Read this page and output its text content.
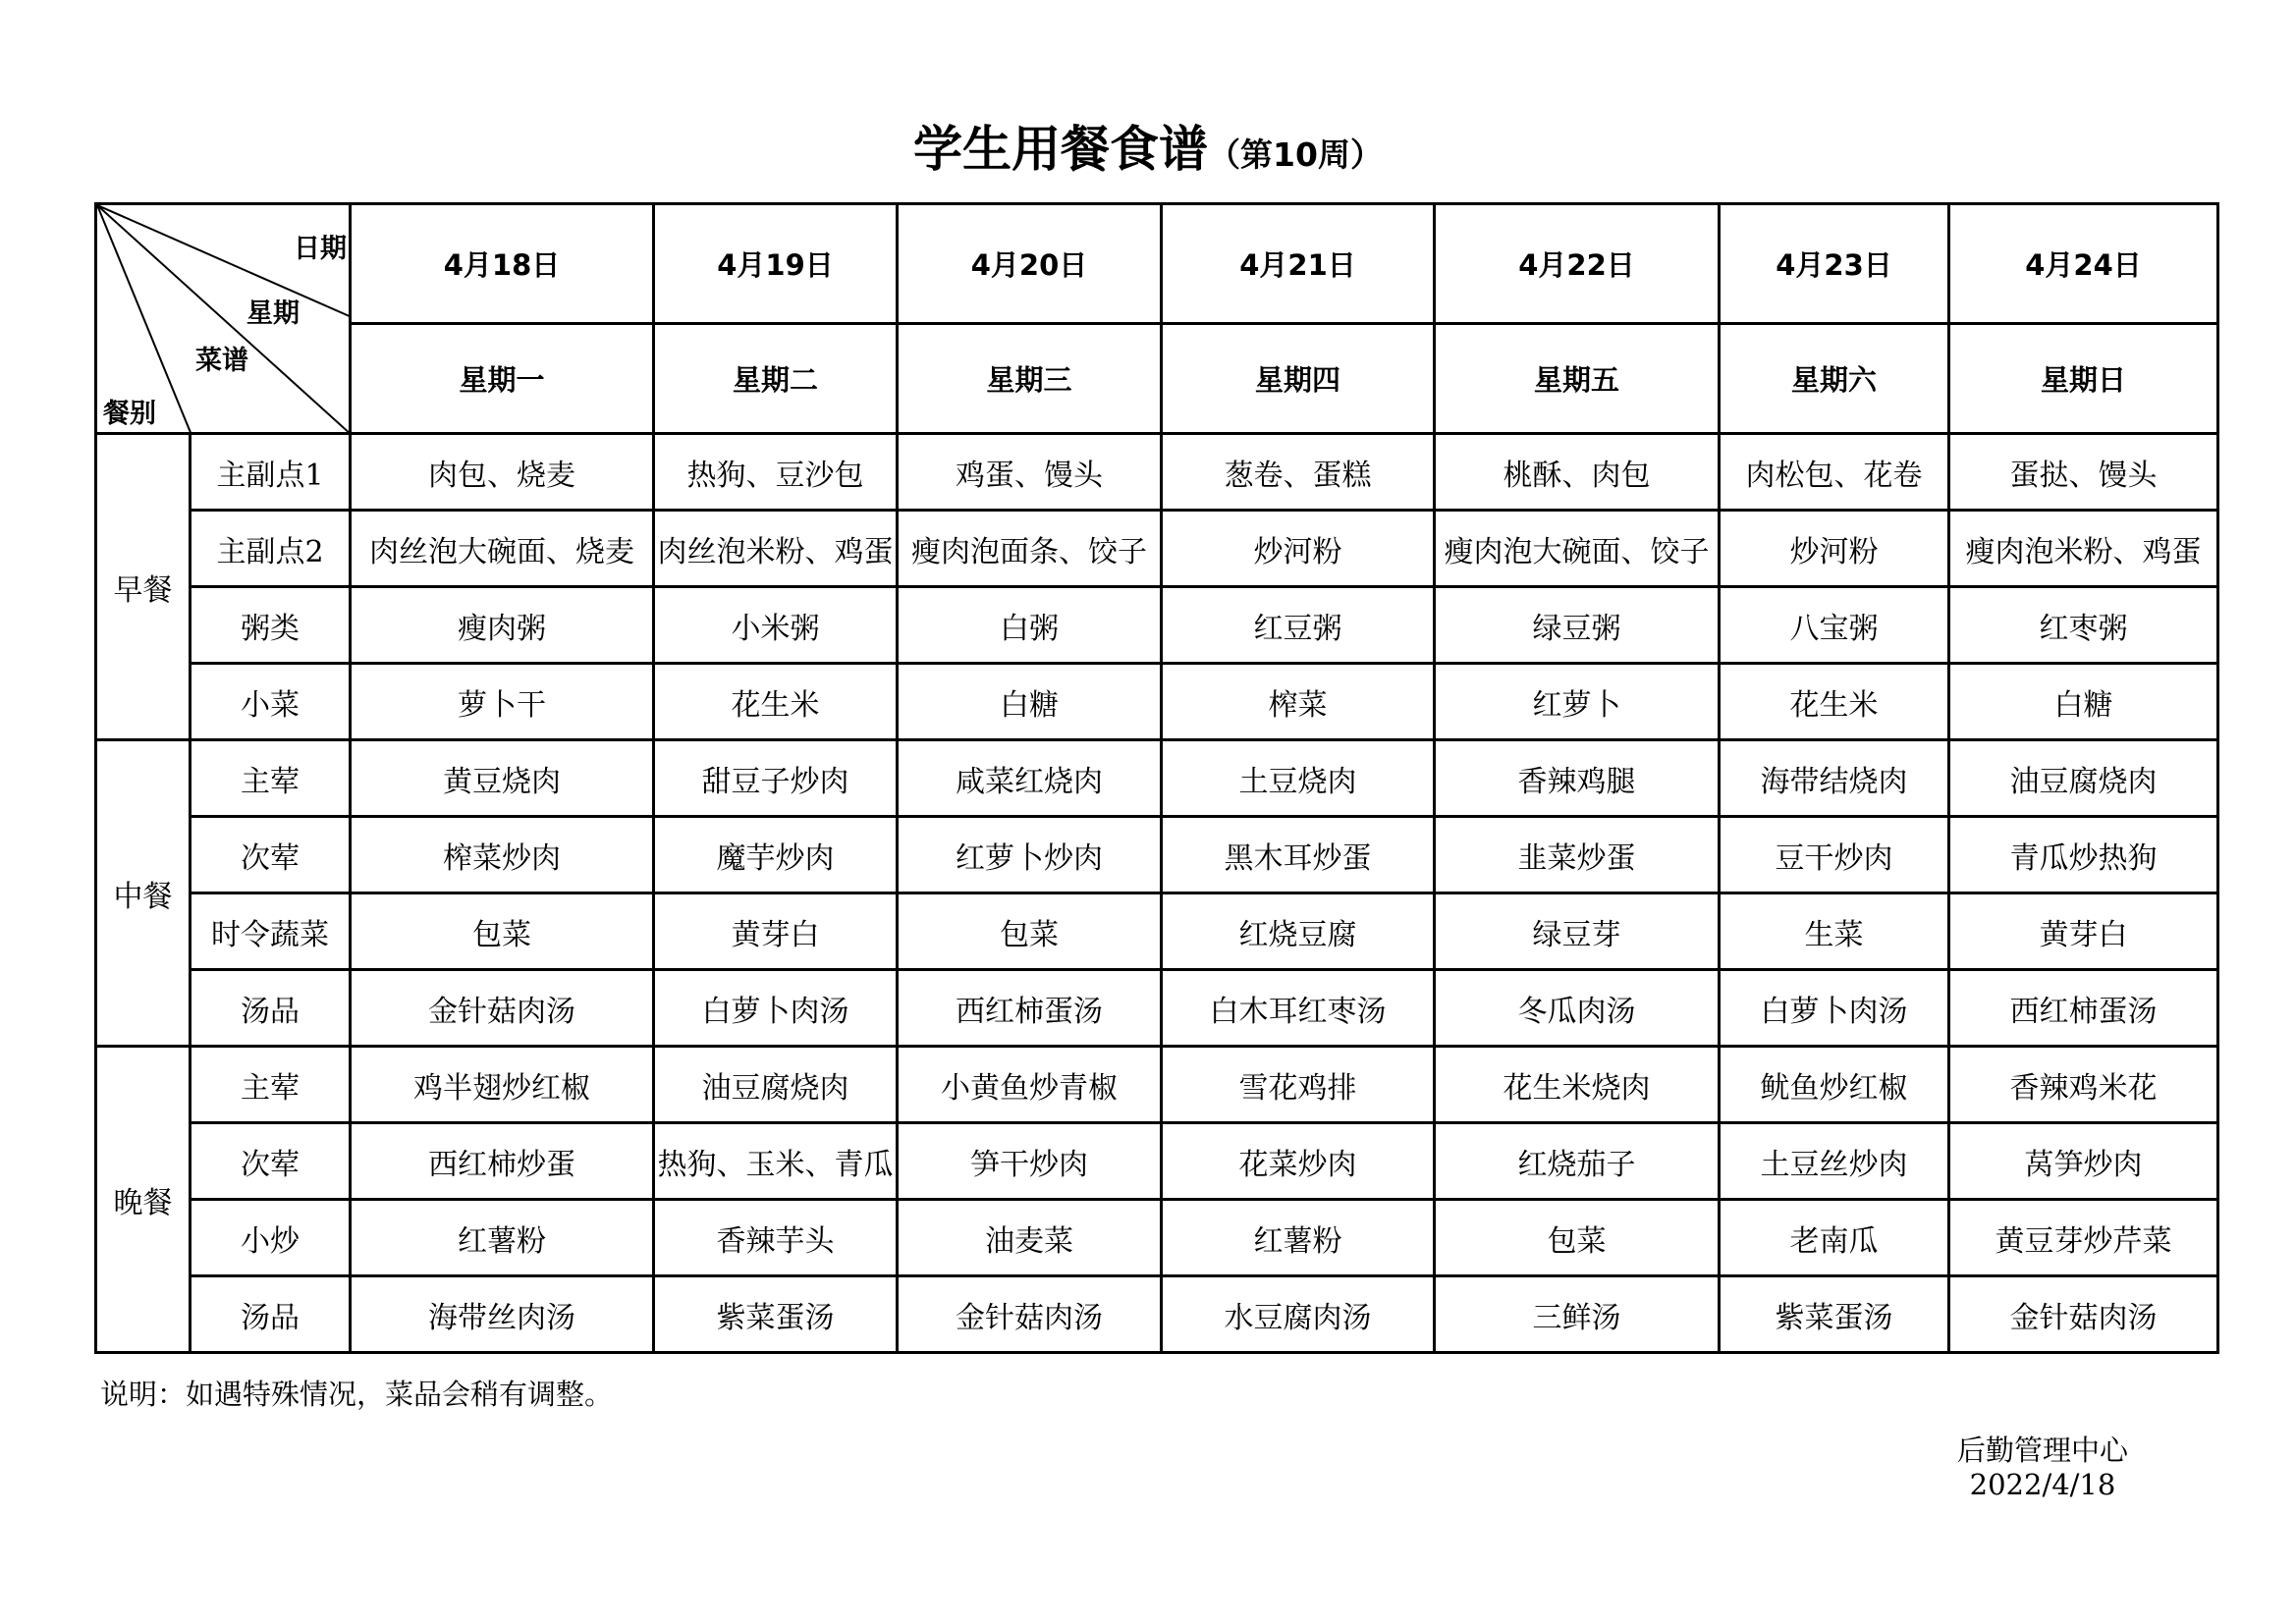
学生用餐食谱（第10周）
日期
星期
菜谱
餐别		4月18日	4月19日	4月20日	4月21日	4月22日	4月23日	4月24日
		星期一	星期二	星期三	星期四	星期五	星期六	星期日
早餐	主副点1	肉包、烧麦	热狗、豆沙包	鸡蛋、馒头	葱卷、蛋糕	桃酥、肉包	肉松包、花卷	蛋挞、馒头
	主副点2	肉丝泡大碗面、烧麦	肉丝泡米粉、鸡蛋	瘦肉泡面条、饺子	炒河粉	瘦肉泡大碗面、饺子	炒河粉	瘦肉泡米粉、鸡蛋
	粥类	瘦肉粥	小米粥	白粥	红豆粥	绿豆粥	八宝粥	红枣粥
	小菜	萝卜干	花生米	白糖	榨菜	红萝卜	花生米	白糖
中餐	主荤	黄豆烧肉	甜豆子炒肉	咸菜红烧肉	土豆烧肉	香辣鸡腿	海带结烧肉	油豆腐烧肉
	次荤	榨菜炒肉	魔芋炒肉	红萝卜炒肉	黑木耳炒蛋	韭菜炒蛋	豆干炒肉	青瓜炒热狗
	时令蔬菜	包菜	黄芽白	包菜	红烧豆腐	绿豆芽	生菜	黄芽白
	汤品	金针菇肉汤	白萝卜肉汤	西红柿蛋汤	白木耳红枣汤	冬瓜肉汤	白萝卜肉汤	西红柿蛋汤
晚餐	主荤	鸡半翅炒红椒	油豆腐烧肉	小黄鱼炒青椒	雪花鸡排	花生米烧肉	鱿鱼炒红椒	香辣鸡米花
	次荤	西红柿炒蛋	热狗、玉米、青瓜	笋干炒肉	花菜炒肉	红烧茄子	土豆丝炒肉	莴笋炒肉
	小炒	红薯粉	香辣芋头	油麦菜	红薯粉	包菜	老南瓜	黄豆芽炒芹菜
	汤品	海带丝肉汤	紫菜蛋汤	金针菇肉汤	水豆腐肉汤	三鲜汤	紫菜蛋汤	金针菇肉汤
说明：如遇特殊情况，菜品会稍有调整。
后勤管理中心
2022/4/18
